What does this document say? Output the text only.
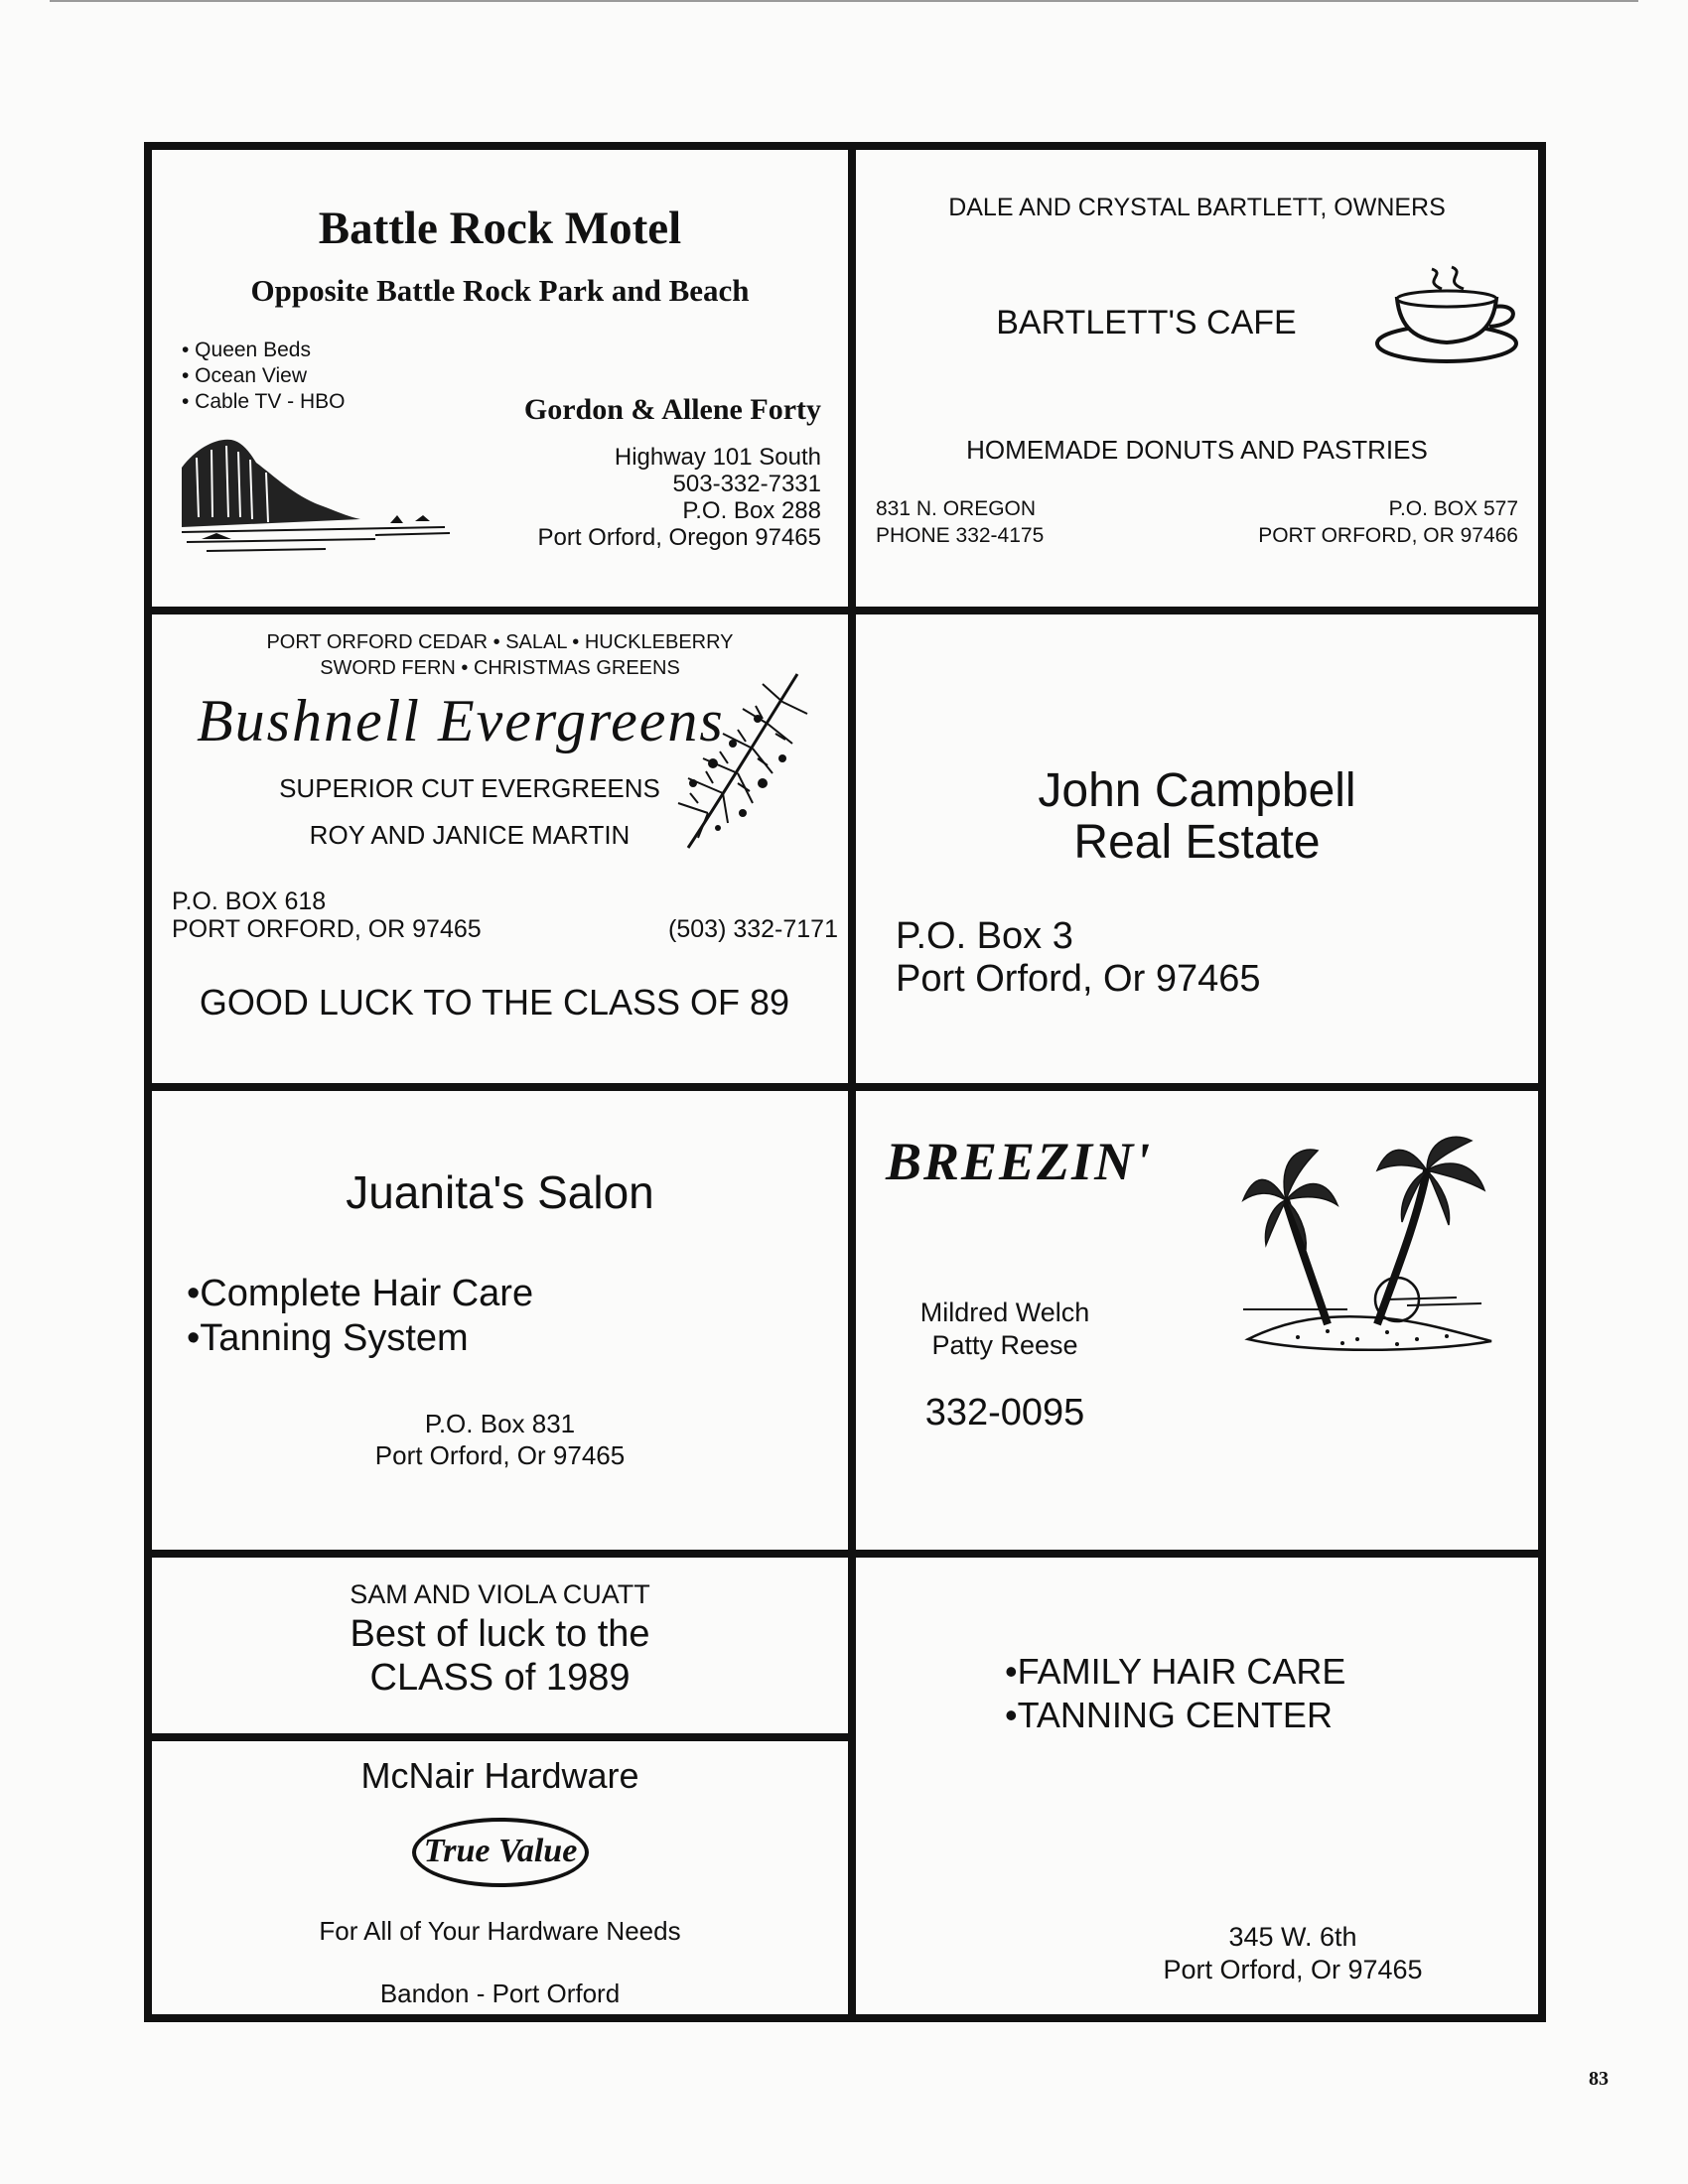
Battle Rock Motel
Opposite Battle Rock Park and Beach
• Queen Beds
• Ocean View
• Cable TV - HBO	Gordon & Allene Forty
Highway 101 South
503-332-7331
P.O. Box 288
Port Orford, Oregon 97465
DALE AND CRYSTAL BARTLETT, OWNERS
BARTLETT'S CAFE
HOMEMADE DONUTS AND PASTRIES
831 N. OREGON
PHONE 332-4175
P.O. BOX 577
PORT ORFORD, OR 97466
PORT ORFORD CEDAR • SALAL • HUCKLEBERRY
SWORD FERN • CHRISTMAS GREENS
Bushnell Evergreens
SUPERIOR CUT EVERGREENS
ROY AND JANICE MARTIN
P.O. BOX 618
PORT ORFORD, OR 97465	(503) 332-7171
GOOD LUCK TO THE CLASS OF 89
John Campbell
Real Estate
P.O. Box 3
Port Orford, Or 97465
Juanita's Salon
•Complete Hair Care
•Tanning System
P.O. Box 831
Port Orford, Or 97465
BREEZIN'
Mildred Welch
Patty Reese
332-0095
SAM AND VIOLA CUATT
Best of luck to the
CLASS of 1989
McNair Hardware
True Value
For All of Your Hardware Needs
Bandon - Port Orford
•FAMILY HAIR CARE
•TANNING CENTER
345 W. 6th
Port Orford, Or 97465
83
